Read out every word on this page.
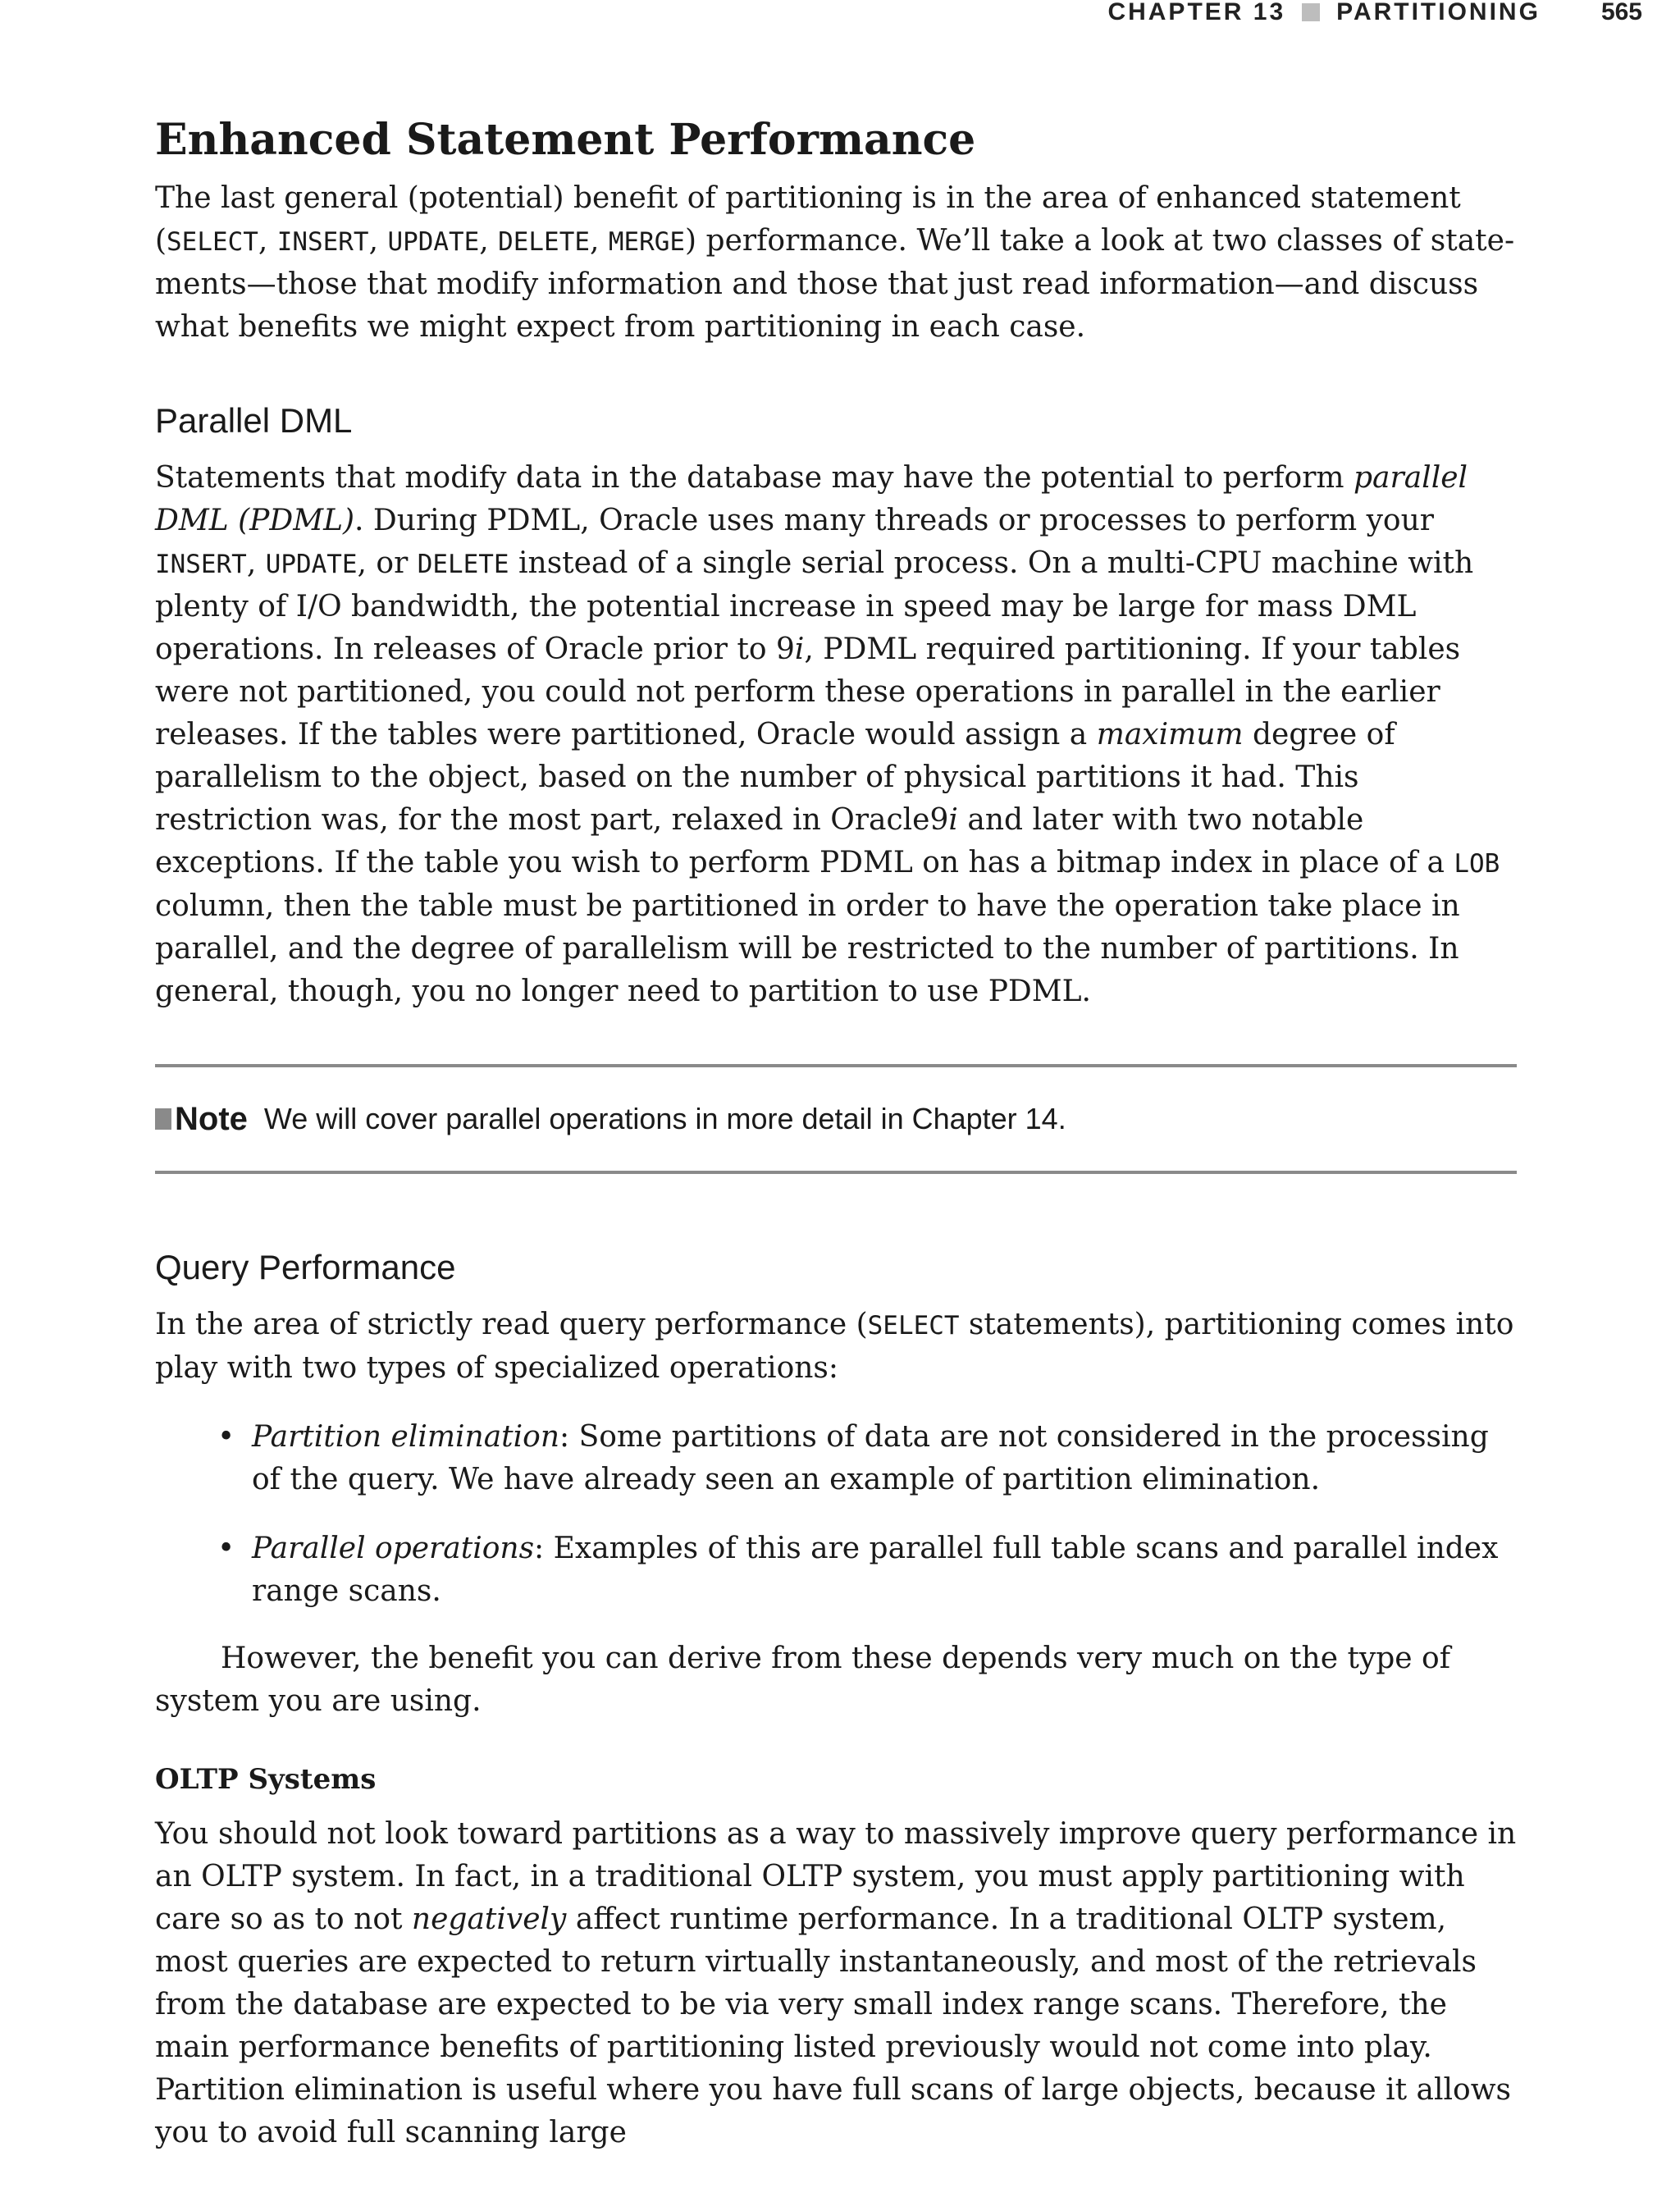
CHAPTER 13 PARTITIONING 565
Enhanced Statement Performance

The last general (potential) benefit of partitioning is in the area of enhanced statement (SELECT, INSERT, UPDATE, DELETE, MERGE) performance. We’ll take a look at two classes of state-ments—those that modify information and those that just read information—and discuss what benefits we might expect from partitioning in each case.

Parallel DML

Statements that modify data in the database may have the potential to perform parallel DML (PDML). During PDML, Oracle uses many threads or processes to perform your INSERT, UPDATE, or DELETE instead of a single serial process. On a multi-CPU machine with plenty of I/O bandwidth, the potential increase in speed may be large for mass DML operations. In releases of Oracle prior to 9i, PDML required partitioning. If your tables were not partitioned, you could not perform these operations in parallel in the earlier releases. If the tables were partitioned, Oracle would assign a maximum degree of parallelism to the object, based on the number of physical partitions it had. This restriction was, for the most part, relaxed in Oracle9i and later with two notable exceptions. If the table you wish to perform PDML on has a bitmap index in place of a LOB column, then the table must be partitioned in order to have the operation take place in parallel, and the degree of parallelism will be restricted to the number of partitions. In general, though, you no longer need to partition to use PDML.

Note We will cover parallel operations in more detail in Chapter 14.
Query Performance

In the area of strictly read query performance (SELECT statements), partitioning comes into play with two types of specialized operations:

• Partition elimination: Some partitions of data are not considered in the processing of the query. We have already seen an example of partition elimination.
• Parallel operations: Examples of this are parallel full table scans and parallel index range scans.

However, the benefit you can derive from these depends very much on the type of system you are using.

OLTP Systems

You should not look toward partitions as a way to massively improve query performance in an OLTP system. In fact, in a traditional OLTP system, you must apply partitioning with care so as to not negatively affect runtime performance. In a traditional OLTP system, most queries are expected to return virtually instantaneously, and most of the retrievals from the database are expected to be via very small index range scans. Therefore, the main performance benefits of partitioning listed previously would not come into play. Partition elimination is useful where you have full scans of large objects, because it allows you to avoid full scanning large
